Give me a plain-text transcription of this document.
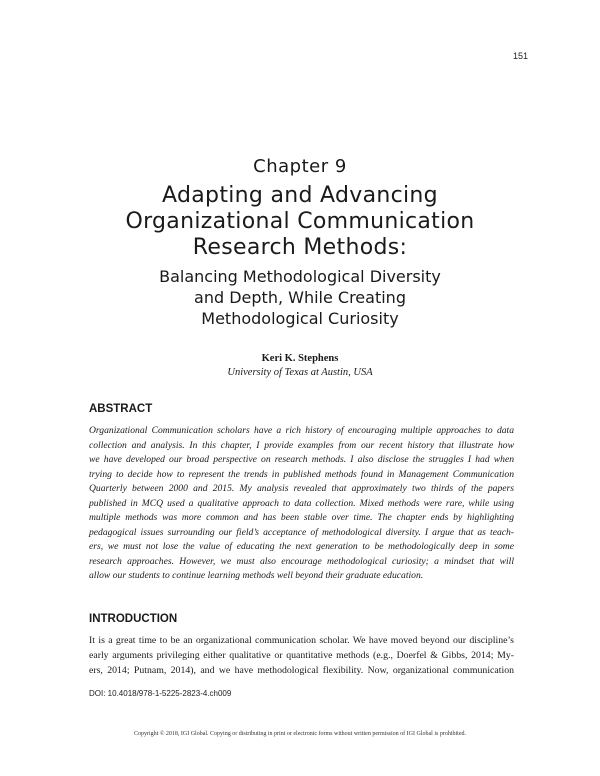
151
Chapter 9
Adapting and Advancing
Organizational Communication
Research Methods:
Balancing Methodological Diversity
and Depth, While Creating
Methodological Curiosity
Keri K. Stephens
University of Texas at Austin, USA
ABSTRACT

Organizational Communication scholars have a rich history of encouraging multiple approaches to data
collection and analysis. In this chapter, I provide examples from our recent history that illustrate how
we have developed our broad perspective on research methods. I also disclose the struggles I had when
trying to decide how to represent the trends in published methods found in Management Communication
Quarterly between 2000 and 2015. My analysis revealed that approximately two thirds of the papers
published in MCQ used a qualitative approach to data collection. Mixed methods were rare, while using
multiple methods was more common and has been stable over time. The chapter ends by highlighting
pedagogical issues surrounding our field’s acceptance of methodological diversity. I argue that as teach-
ers, we must not lose the value of educating the next generation to be methodologically deep in some
research approaches. However, we must also encourage methodological curiosity; a mindset that will
allow our students to continue learning methods well beyond their graduate education.

INTRODUCTION

It is a great time to be an organizational communication scholar. We have moved beyond our discipline’s
early arguments privileging either qualitative or quantitative methods (e.g., Doerfel & Gibbs, 2014; My-
ers, 2014; Putnam, 2014), and we have methodological flexibility. Now, organizational communication

DOI: 10.4018/978-1-5225-2823-4.ch009
Copyright © 2018, IGI Global. Copying or distributing in print or electronic forms without written permission of IGI Global is prohibited.
